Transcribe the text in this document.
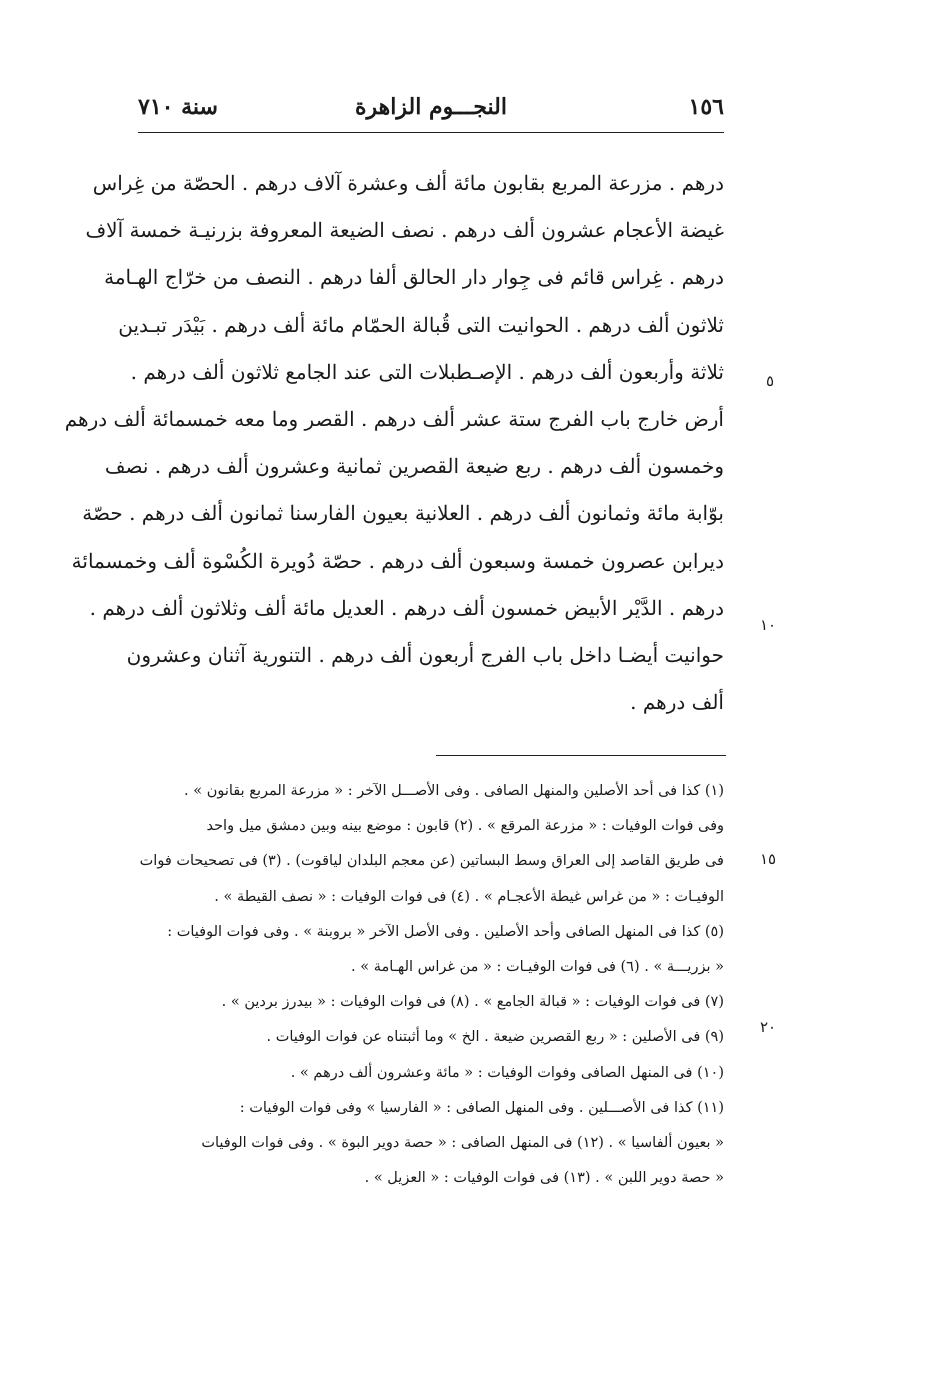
١٥٦
النجـــوم الزاهرة
سنة ٧١٠
درهم . مزرعة المربع بقابون مائة ألف وعشرة آلاف درهم . الحصّة من غِراس
غيضة الأعجام عشرون ألف درهم . نصف الضيعة المعروفة بزرنيـة خمسة آلاف
درهم . غِراس قائم فى جِوار دار الحالق ألفا درهم . النصف من خرّاج الهـامة
ثلاثون ألف درهم . الحوانيت التى قُبالة الحمّام مائة ألف درهم . بَيْدَر تبـدين
ثلاثة وأربعون ألف درهم . الإصـطبلات التى عند الجامع ثلاثون ألف درهم .
أرض خارج باب الفرج ستة عشر ألف درهم . القصر وما معه خمسمائة ألف درهم
وخمسون ألف درهم . ربع ضيعة القصرين ثمانية وعشرون ألف درهم . نصف
بوّابة مائة وثمانون ألف درهم . العلانية بعيون الفارسنا ثمانون ألف درهم . حصّة
ديرابن عصرون خمسة وسبعون ألف درهم . حصّة دُويرة الكُسْوة ألف وخمسمائة
درهم . الدَّيْر الأبيض خمسون ألف درهم . العديل مائة ألف وثلاثون ألف درهم .
حوانيت أيضـا داخل باب الفرج أربعون ألف درهم . التنورية آثنان وعشرون
ألف درهم .
٥
١٠
١٥
٢٠
(١) كذا فى أحد الأصلين والمنهل الصافى . وفى الأصـــل الآخر : « مزرعة المربع بقانون » .
وفى فوات الوفيات : « مزرعة المرقع » . (٢) قابون : موضع بينه وبين دمشق ميل واحد
فى طريق القاصد إلى العراق وسط البساتين (عن معجم البلدان لياقوت) . (٣) فى تصحيحات فوات
الوفيـات : « من غراس غيطة الأعجـام » . (٤) فى فوات الوفيات : « نصف القيطة » .
(٥) كذا فى المنهل الصافى وأحد الأصلين . وفى الأصل الآخر « بروبنة » . وفى فوات الوفيات :
« بزريـــة » . (٦) فى فوات الوفيـات : « من غراس الهـامة » .
(٧) فى فوات الوفيات : « قبالة الجامع » . (٨) فى فوات الوفيات : « بيدرز بردين » .
(٩) فى الأصلين : « ربع القصرين ضيعة . الخ » وما أثبتناه عن فوات الوفيات .
(١٠) فى المنهل الصافى وفوات الوفيات : « مائة وعشرون ألف درهم » .
(١١) كذا فى الأصـــلين . وفى المنهل الصافى : « الفارسيا » وفى فوات الوفيات :
« بعيون ألفاسيا » . (١٢) فى المنهل الصافى : « حصة دوير البوة » . وفى فوات الوفيات
« حصة دوير اللبن » . (١٣) فى فوات الوفيات : « العزيل » .
